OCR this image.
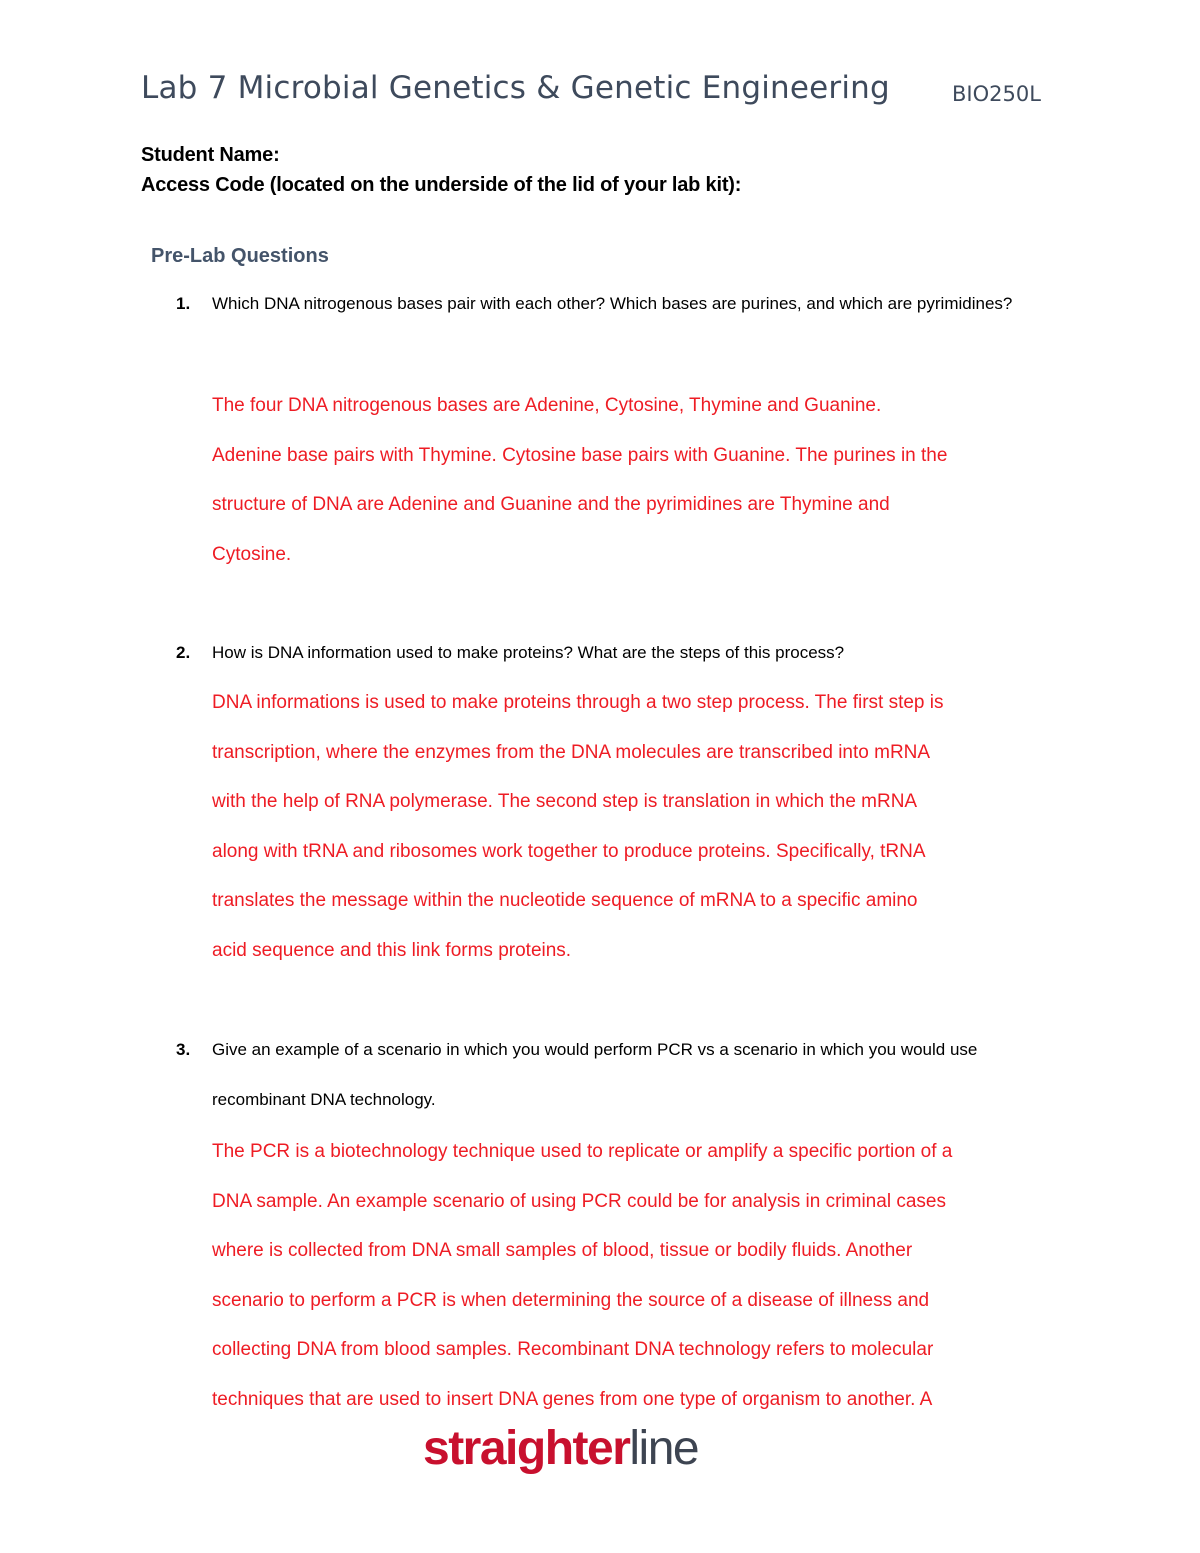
Lab 7 Microbial Genetics & Genetic Engineering	BIO250L
Student Name:
Access Code (located on the underside of the lid of your lab kit):
Pre-Lab Questions
1. Which DNA nitrogenous bases pair with each other? Which bases are purines, and which are pyrimidines?
The four DNA nitrogenous bases are Adenine, Cytosine, Thymine and Guanine.
Adenine base pairs with Thymine. Cytosine base pairs with Guanine. The purines in the
structure of DNA are Adenine and Guanine and the pyrimidines are Thymine and
Cytosine.
2. How is DNA information used to make proteins? What are the steps of this process?
DNA informations is used to make proteins through a two step process. The first step is
transcription, where the enzymes from the DNA molecules are transcribed into mRNA
with the help of RNA polymerase. The second step is translation in which the mRNA
along with tRNA and ribosomes work together to produce proteins. Specifically, tRNA
translates the message within the nucleotide sequence of mRNA to a specific amino
acid sequence and this link forms proteins.
3. Give an example of a scenario in which you would perform PCR vs a scenario in which you would use recombinant DNA technology.
The PCR is a biotechnology technique used to replicate or amplify a specific portion of a
DNA sample. An example scenario of using PCR could be for analysis in criminal cases
where is collected from DNA small samples of blood, tissue or bodily fluids. Another
scenario to perform a PCR is when determining the source of a disease of illness and
collecting DNA from blood samples. Recombinant DNA technology refers to molecular
techniques that are used to insert DNA genes from one type of organism to another. A
straighterline
